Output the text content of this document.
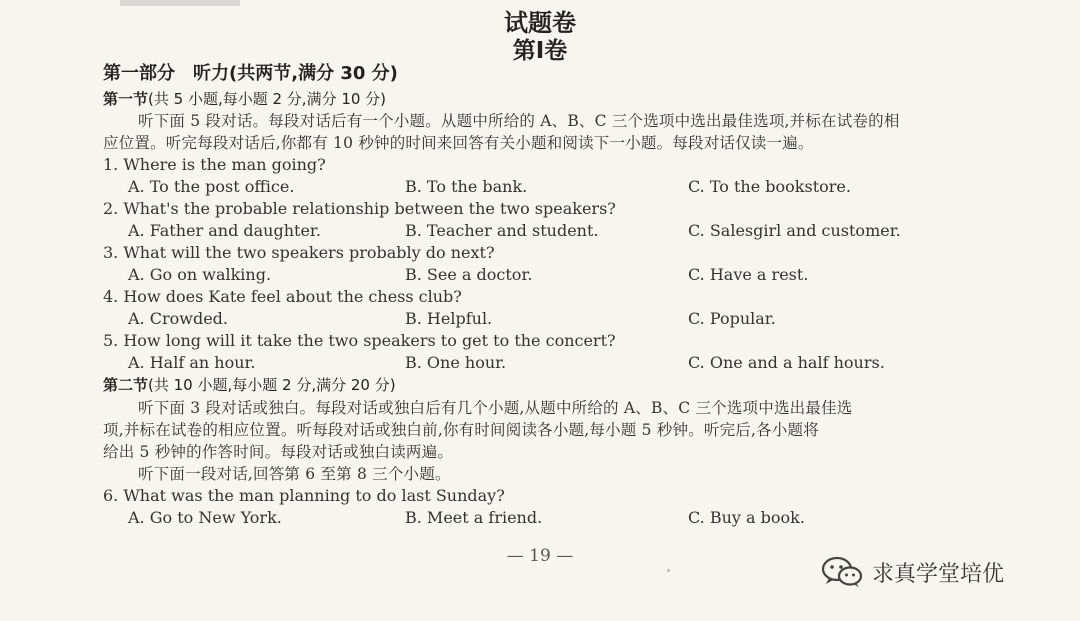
试题卷
第Ⅰ卷
第一部分　听力(共两节,满分 30 分)
第一节(共 5 小题,每小题 2 分,满分 10 分)
听下面 5 段对话。每段对话后有一个小题。从题中所给的 A、B、C 三个选项中选出最佳选项,并标在试卷的相
应位置。听完每段对话后,你都有 10 秒钟的时间来回答有关小题和阅读下一小题。每段对话仅读一遍。
1. Where is the man going?
A. To the post office.	B. To the bank.	C. To the bookstore.
2. What's the probable relationship between the two speakers?
A. Father and daughter.	B. Teacher and student.	C. Salesgirl and customer.
3. What will the two speakers probably do next?
A. Go on walking.	B. See a doctor.	C. Have a rest.
4. How does Kate feel about the chess club?
A. Crowded.	B. Helpful.	C. Popular.
5. How long will it take the two speakers to get to the concert?
A. Half an hour.	B. One hour.	C. One and a half hours.
第二节(共 10 小题,每小题 2 分,满分 20 分)
听下面 3 段对话或独白。每段对话或独白后有几个小题,从题中所给的 A、B、C 三个选项中选出最佳选
项,并标在试卷的相应位置。听每段对话或独白前,你有时间阅读各小题,每小题 5 秒钟。听完后,各小题将
给出 5 秒钟的作答时间。每段对话或独白读两遍。
听下面一段对话,回答第 6 至第 8 三个小题。
6. What was the man planning to do last Sunday?
A. Go to New York.	B. Meet a friend.	C. Buy a book.
— 19 —
求真学堂培优
